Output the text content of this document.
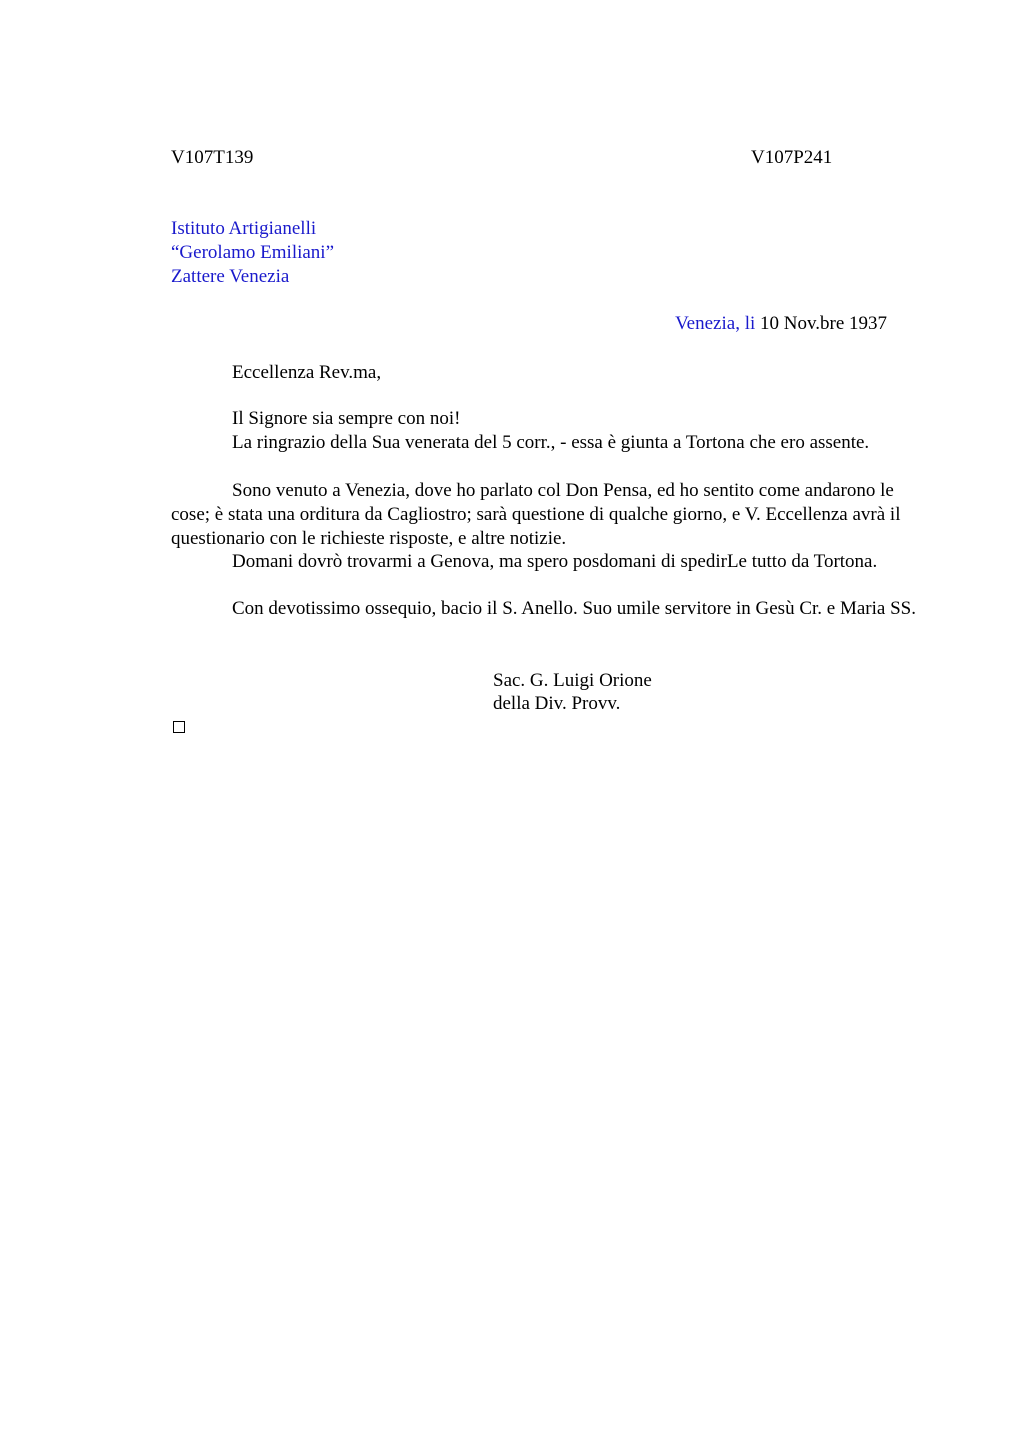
V107T139	V107P241
Istituto Artigianelli
“Gerolamo Emiliani”
Zattere Venezia
Venezia, li 10 Nov.bre 1937
Eccellenza Rev.ma,

Il Signore sia sempre con noi!

La ringrazio della Sua venerata del 5 corr., - essa è giunta a Tortona che ero assente.

Sono venuto a Venezia, dove ho parlato col Don Pensa, ed ho sentito come andarono le cose; è stata una orditura da Cagliostro; sarà questione di qualche giorno, e V. Eccellenza avrà il questionario con le richieste risposte, e altre notizie.

Domani dovrò trovarmi a Genova, ma spero posdomani di spedirLe tutto da Tortona.

Con devotissimo ossequio, bacio il S. Anello. Suo umile servitore in Gesù Cr. e Maria SS.

Sac. G. Luigi Orione
della Div. Provv.
